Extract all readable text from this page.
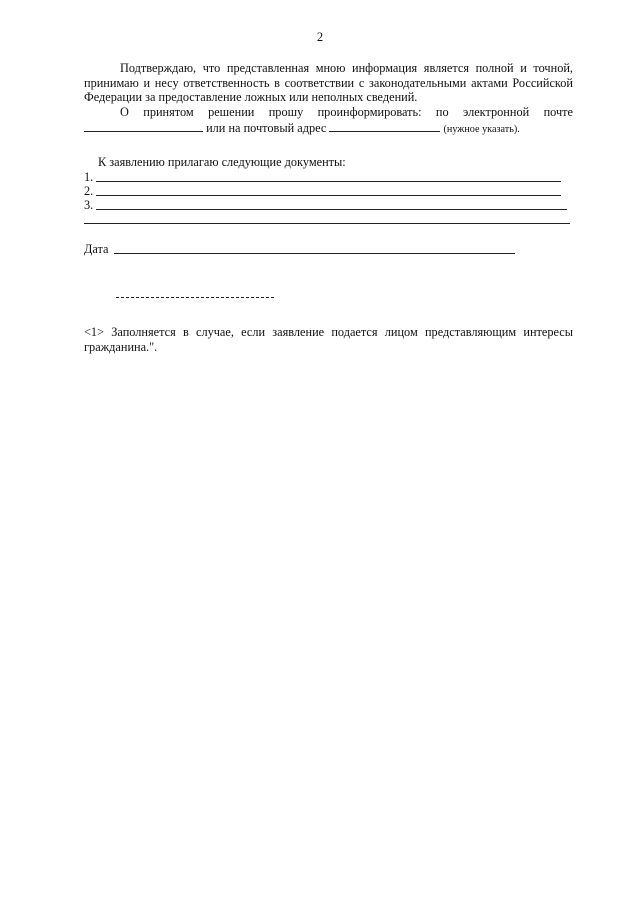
2
Подтверждаю, что представленная мною информация является полной и точной, принимаю и несу ответственность в соответствии с законодательными актами Российской Федерации за предоставление ложных или неполных сведений.
О принятом решении прошу проинформировать: по электронной почте
или на почтовый адрес	(нужное указать).
К заявлению прилагаю следующие документы:
1.
2.
3.
Дата
<1> Заполняется в случае, если заявление подается лицом представляющим интересы гражданина.".
